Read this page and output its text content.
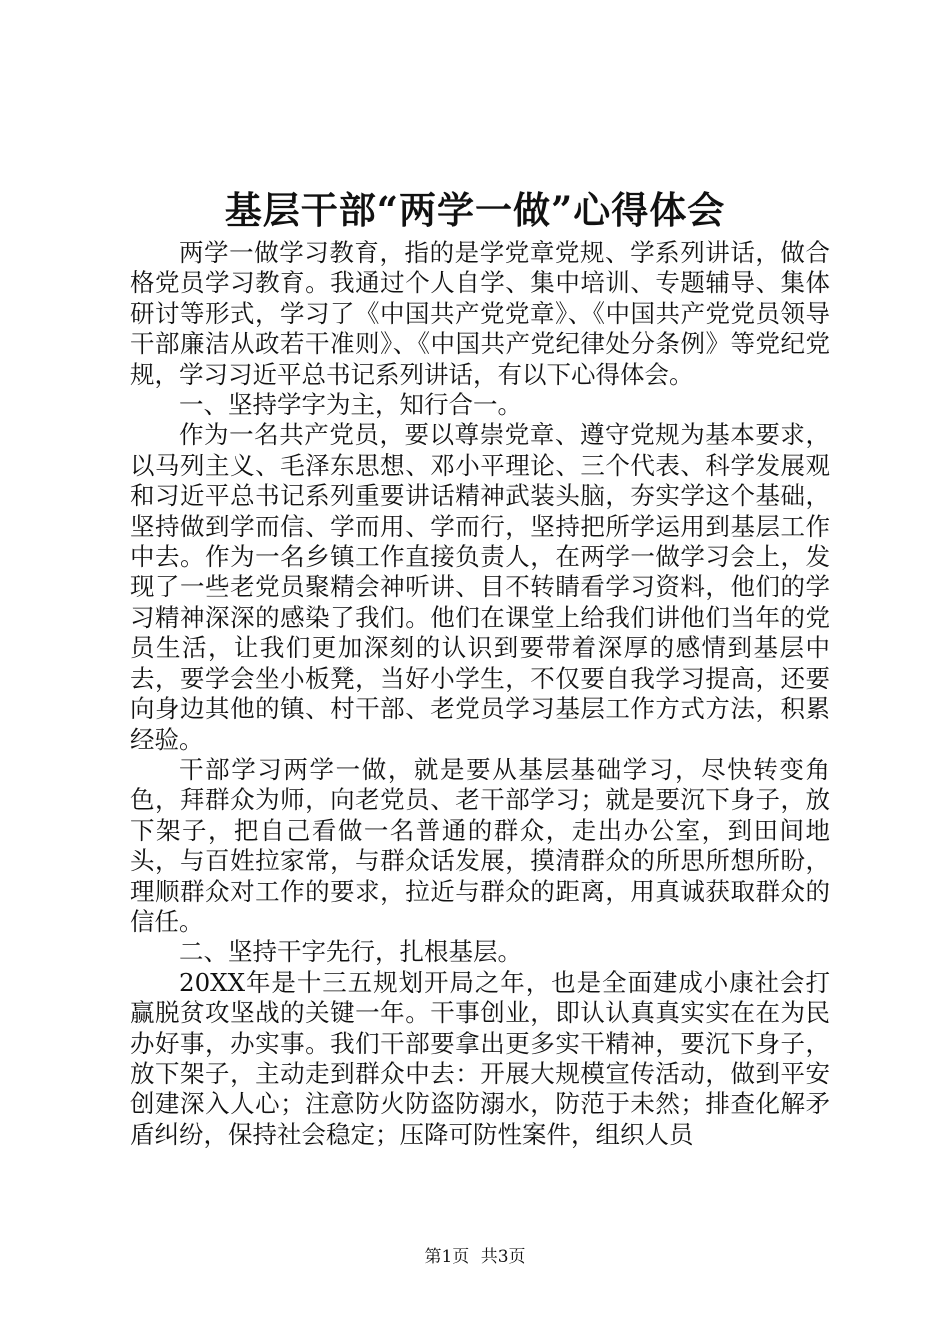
基层干部“两学一做”心得体会

两学一做学习教育，指的是学党章党规、学系列讲话，做合格党员学习教育。我通过个人自学、集中培训、专题辅导、集体研讨等形式，学习了《中国共产党党章》、《中国共产党党员领导干部廉洁从政若干准则》、《中国共产党纪律处分条例》等党纪党规，学习习近平总书记系列讲话，有以下心得体会。

一、坚持学字为主，知行合一。

作为一名共产党员，要以尊崇党章、遵守党规为基本要求，以马列主义、毛泽东思想、邓小平理论、三个代表、科学发展观和习近平总书记系列重要讲话精神武装头脑，夯实学这个基础，坚持做到学而信、学而用、学而行，坚持把所学运用到基层工作中去。作为一名乡镇工作直接负责人，在两学一做学习会上，发现了一些老党员聚精会神听讲、目不转睛看学习资料，他们的学习精神深深的感染了我们。他们在课堂上给我们讲他们当年的党员生活，让我们更加深刻的认识到要带着深厚的感情到基层中去，要学会坐小板凳，当好小学生，不仅要自我学习提高，还要向身边其他的镇、村干部、老党员学习基层工作方式方法，积累经验。

干部学习两学一做，就是要从基层基础学习，尽快转变角色，拜群众为师，向老党员、老干部学习；就是要沉下身子，放下架子，把自己看做一名普通的群众，走出办公室，到田间地头，与百姓拉家常，与群众话发展，摸清群众的所思所想所盼，理顺群众对工作的要求，拉近与群众的距离，用真诚获取群众的信任。

二、坚持干字先行，扎根基层。

20XX年是十三五规划开局之年，也是全面建成小康社会打赢脱贫攻坚战的关键一年。干事创业，即认认真真实实在在为民办好事，办实事。我们干部要拿出更多实干精神，要沉下身子，放下架子，主动走到群众中去：开展大规模宣传活动，做到平安创建深入人心；注意防火防盗防溺水，防范于未然；排查化解矛盾纠纷，保持社会稳定；压降可防性案件，组织人员

第1页 共3页
